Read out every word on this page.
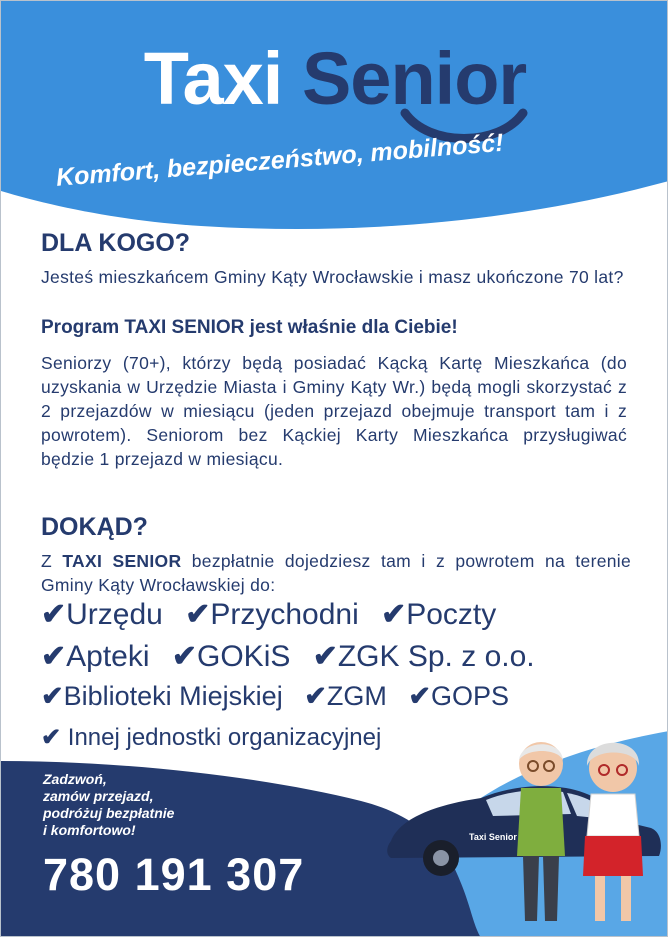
Taxi Senior
Komfort, bezpieczeństwo, mobilność!
DLA KOGO?
Jesteś mieszkańcem Gminy Kąty Wrocławskie i masz ukończone 70 lat?
Program TAXI SENIOR jest właśnie dla Ciebie!
Seniorzy (70+), którzy będą posiadać Kącką Kartę Mieszkańca (do uzyskania w Urzędzie Miasta i Gminy Kąty Wr.) będą mogli skorzystać z 2 przejazdów w miesiącu (jeden przejazd obejmuje transport tam i z powrotem). Seniorom bez Kąckiej Karty Mieszkańca przysługiwać będzie 1 przejazd w miesiącu.
DOKĄD?
Z TAXI SENIOR bezpłatnie dojedziesz tam i z powrotem na terenie Gminy Kąty Wrocławskiej do:
✔Urzędu ✔Przychodni ✔Poczty
✔Apteki ✔GOKiS ✔ZGK Sp. z o.o.
✔Biblioteki Miejskiej ✔ZGM ✔GOPS
✔ Innej jednostki organizacyjnej
Zadzwoń,
zamów przejazd,
podróżuj bezpłatnie
i komfortowo!
780 191 307
Taxi Senior
